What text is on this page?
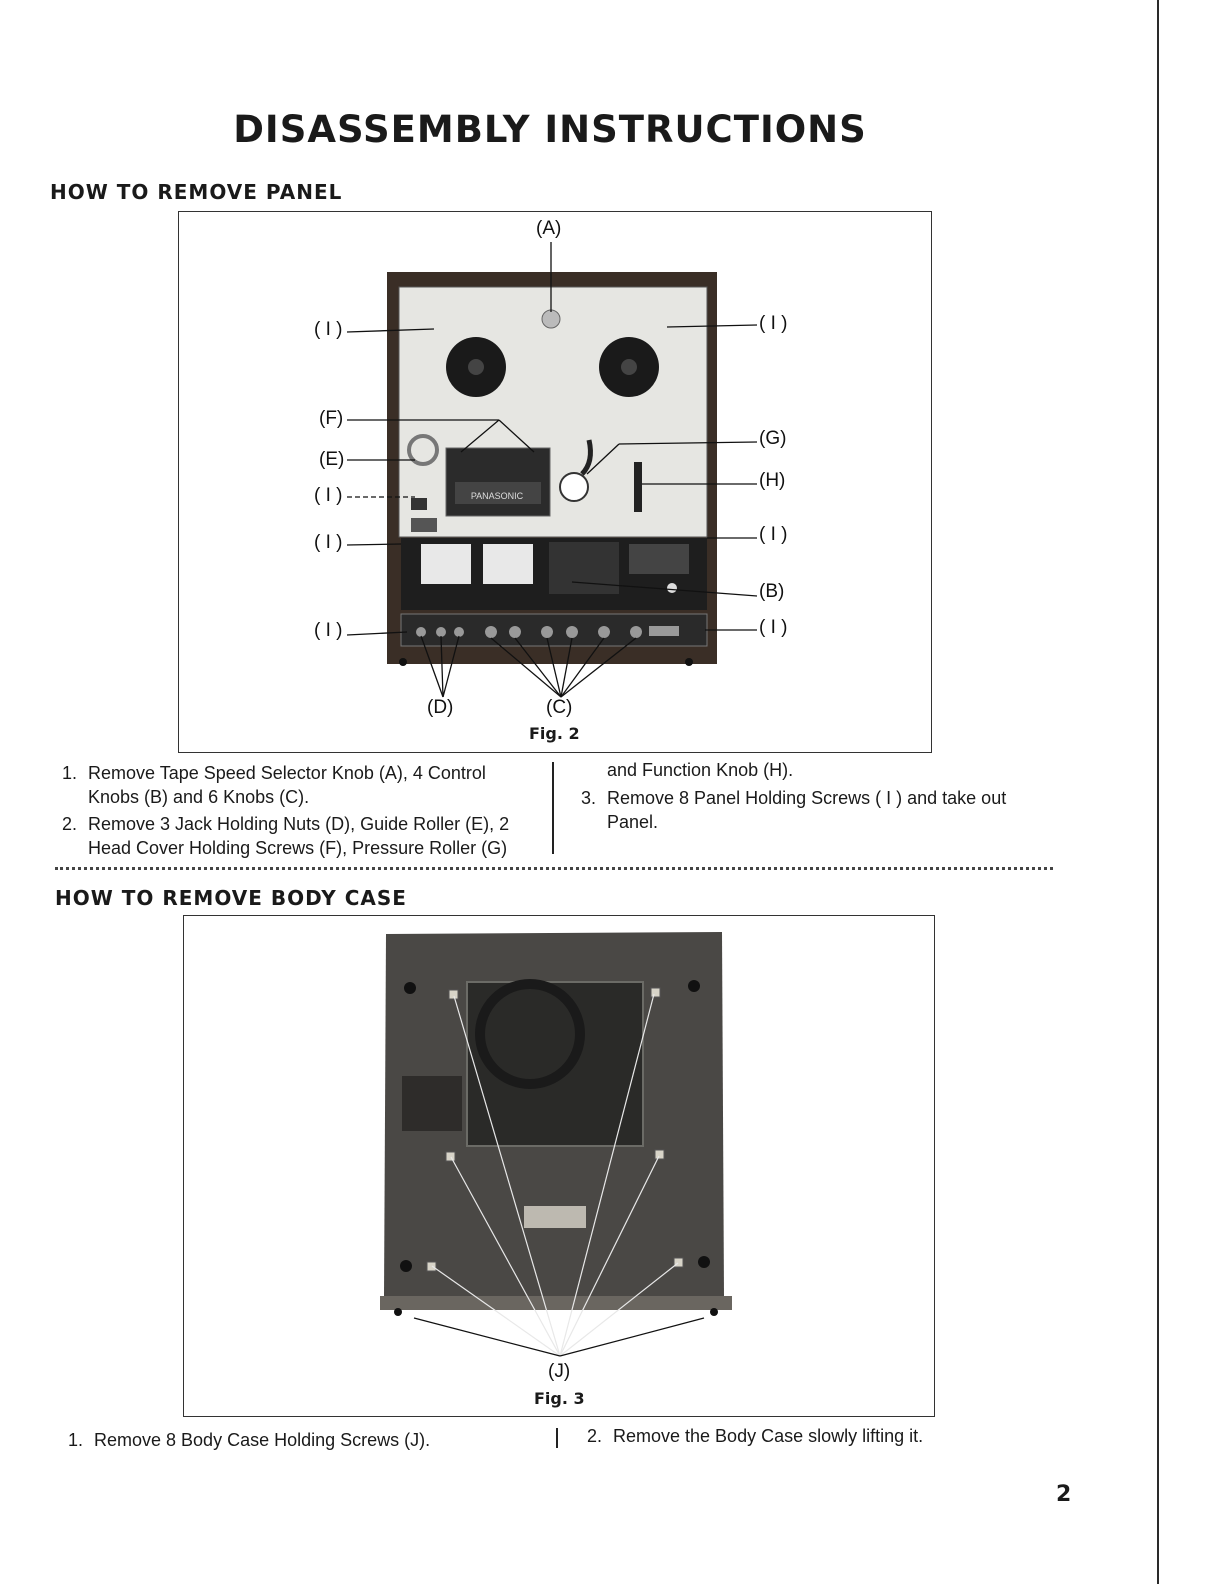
DISASSEMBLY INSTRUCTIONS
HOW TO REMOVE PANEL
PANASONIC
(A)
( I )	( I )
(F)
(G)
(E)
(H)
( I )
( I )	( I )
(B)
( I )	( I )
(D)	(C)
Fig. 2
1. Remove Tape Speed Selector Knob (A), 4 Control
Knobs (B) and 6 Knobs (C).
2. Remove 3 Jack Holding Nuts (D), Guide Roller (E), 2
Head Cover Holding Screws (F), Pressure Roller (G)
and Function Knob (H).
3. Remove 8 Panel Holding Screws ( I ) and take out
Panel.
HOW TO REMOVE BODY CASE
(J)
Fig. 3
1. Remove 8 Body Case Holding Screws (J).	2. Remove the Body Case slowly lifting it.
2
